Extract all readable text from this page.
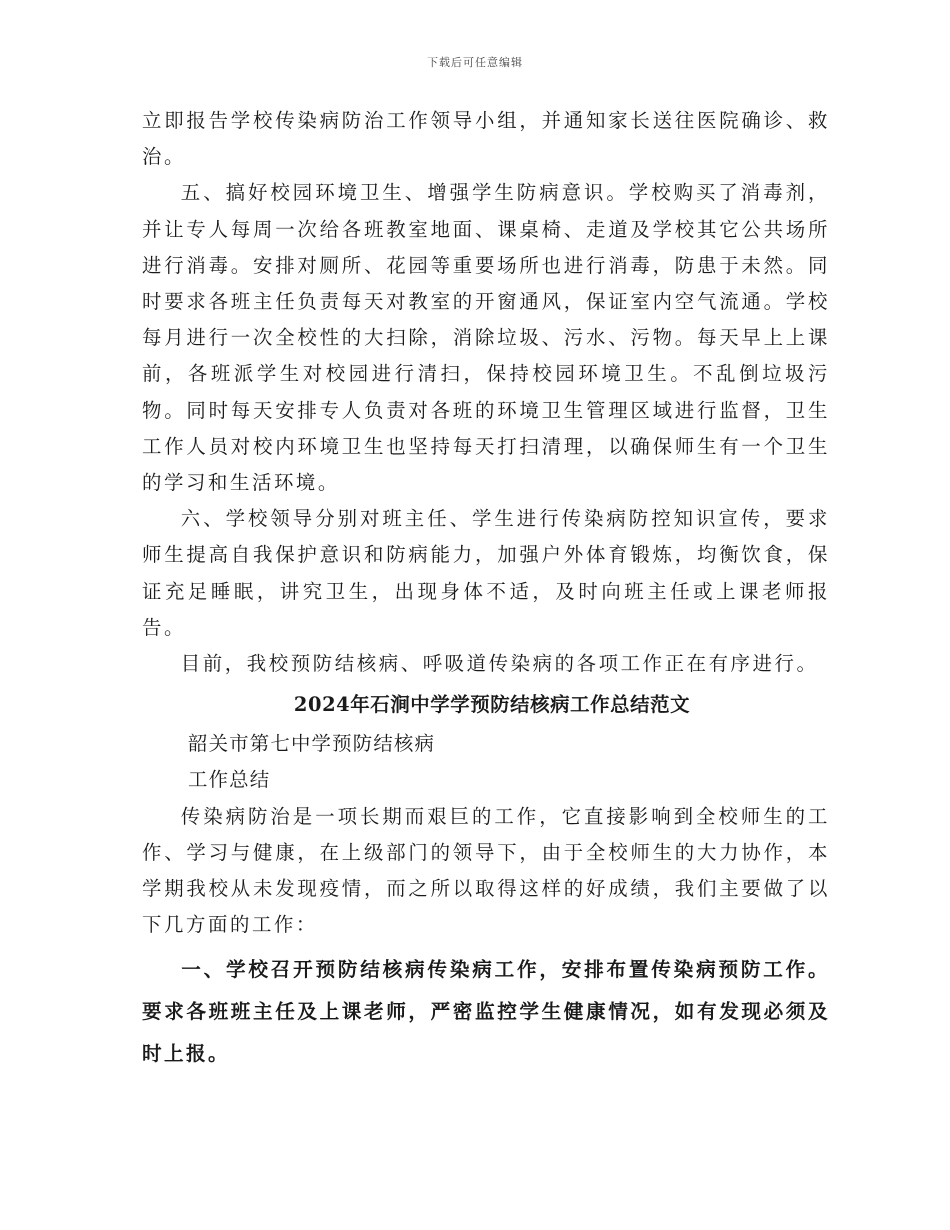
下载后可任意编辑

立即报告学校传染病防治工作领导小组，并通知家长送往医院确诊、救治。

五、搞好校园环境卫生、增强学生防病意识。学校购买了消毒剂，并让专人每周一次给各班教室地面、课桌椅、走道及学校其它公共场所进行消毒。安排对厕所、花园等重要场所也进行消毒，防患于未然。同时要求各班主任负责每天对教室的开窗通风，保证室内空气流通。学校每月进行一次全校性的大扫除，消除垃圾、污水、污物。每天早上上课前，各班派学生对校园进行清扫，保持校园环境卫生。不乱倒垃圾污物。同时每天安排专人负责对各班的环境卫生管理区域进行监督，卫生工作人员对校内环境卫生也坚持每天打扫清理，以确保师生有一个卫生的学习和生活环境。

六、学校领导分别对班主任、学生进行传染病防控知识宣传，要求师生提高自我保护意识和防病能力，加强户外体育锻炼，均衡饮食，保证充足睡眠，讲究卫生，出现身体不适，及时向班主任或上课老师报告。

目前，我校预防结核病、呼吸道传染病的各项工作正在有序进行。

2024年石涧中学学预防结核病工作总结范文

韶关市第七中学预防结核病

工作总结

传染病防治是一项长期而艰巨的工作，它直接影响到全校师生的工作、学习与健康，在上级部门的领导下，由于全校师生的大力协作，本学期我校从未发现疫情，而之所以取得这样的好成绩，我们主要做了以下几方面的工作：

一、学校召开预防结核病传染病工作，安排布置传染病预防工作。要求各班班主任及上课老师，严密监控学生健康情况，如有发现必须及时上报。
